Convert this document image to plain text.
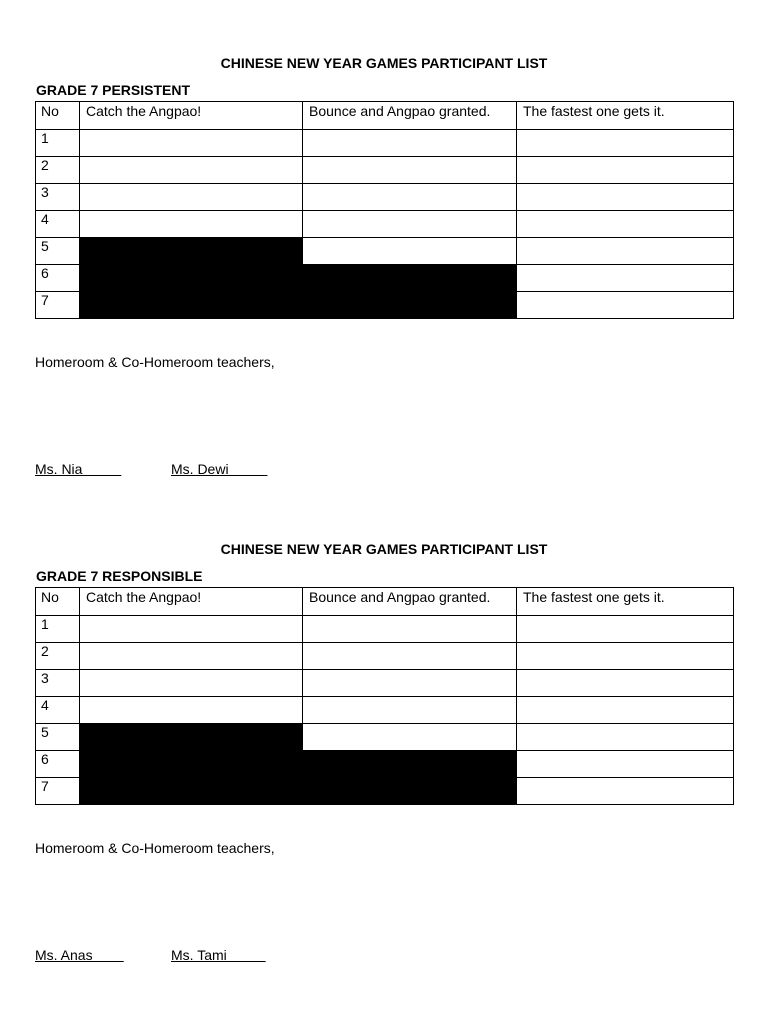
CHINESE NEW YEAR GAMES PARTICIPANT LIST
GRADE 7 PERSISTENT
No	Catch the Angpao!	Bounce and Angpao granted.	The fastest one gets it.
1			
2			
3			
4			
5			
6			
7			
Homeroom & Co-Homeroom teachers,
Ms. Nia	Ms. Dewi
CHINESE NEW YEAR GAMES PARTICIPANT LIST
GRADE 7 RESPONSIBLE
No	Catch the Angpao!	Bounce and Angpao granted.	The fastest one gets it.
1			
2			
3			
4			
5			
6			
7			
Homeroom & Co-Homeroom teachers,
Ms. Anas	Ms. Tami
